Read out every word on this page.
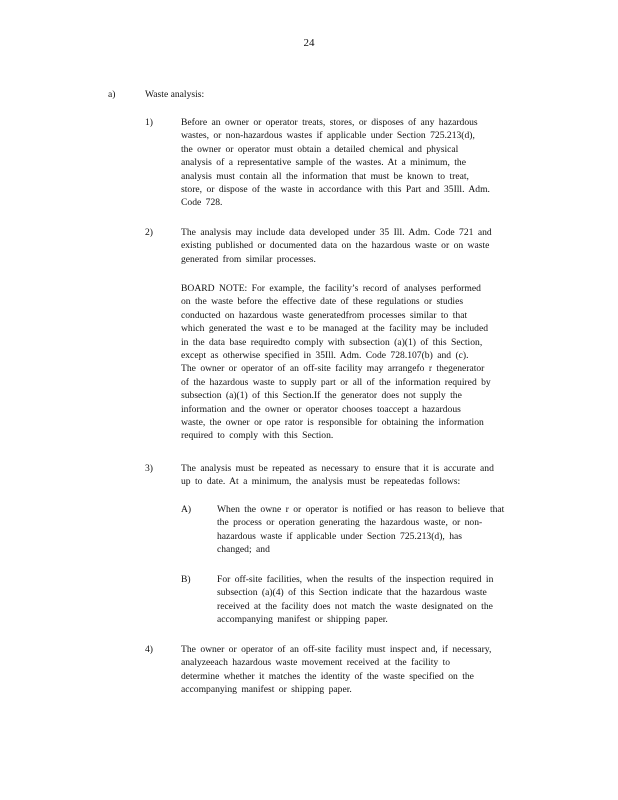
24
a)	Waste analysis:
1)	Before an owner or operator treats, stores, or disposes of any hazardous
wastes, or non-hazardous wastes if applicable under Section 725.213(d),
the owner or operator must obtain a detailed chemical and physical
analysis of a representative sample of the wastes. At a minimum, the
analysis must contain all the information that must be known to treat,
store, or dispose of the waste in accordance with this Part and 35Ill. Adm.
Code 728.
2)	The analysis may include data developed under 35 Ill. Adm. Code 721 and
existing published or documented data on the hazardous waste or on waste
generated from similar processes.
BOARD NOTE: For example, the facility’s record of analyses performed
on the waste before the effective date of these regulations or studies
conducted on hazardous waste generatedfrom processes similar to that
which generated the wast e to be managed at the facility may be included
in the data base requiredto comply with subsection (a)(1) of this Section,
except as otherwise specified in 35Ill. Adm. Code 728.107(b) and (c).
The owner or operator of an off-site facility may arrangefo r thegenerator
of the hazardous waste to supply part or all of the information required by
subsection (a)(1) of this Section.If the generator does not supply the
information and the owner or operator chooses toaccept a hazardous
waste, the owner or ope rator is responsible for obtaining the information
required to comply with this Section.
3)	The analysis must be repeated as necessary to ensure that it is accurate and
up to date. At a minimum, the analysis must be repeatedas follows:
A)	When the owne r or operator is notified or has reason to believe that
the process or operation generating the hazardous waste, or non-
hazardous waste if applicable under Section 725.213(d), has
changed; and
B)	For off-site facilities, when the results of the inspection required in
subsection (a)(4) of this Section indicate that the hazardous waste
received at the facility does not match the waste designated on the
accompanying manifest or shipping paper.
4)	The owner or operator of an off-site facility must inspect and, if necessary,
analyzeeach hazardous waste movement received at the facility to
determine whether it matches the identity of the waste specified on the
accompanying manifest or shipping paper.
